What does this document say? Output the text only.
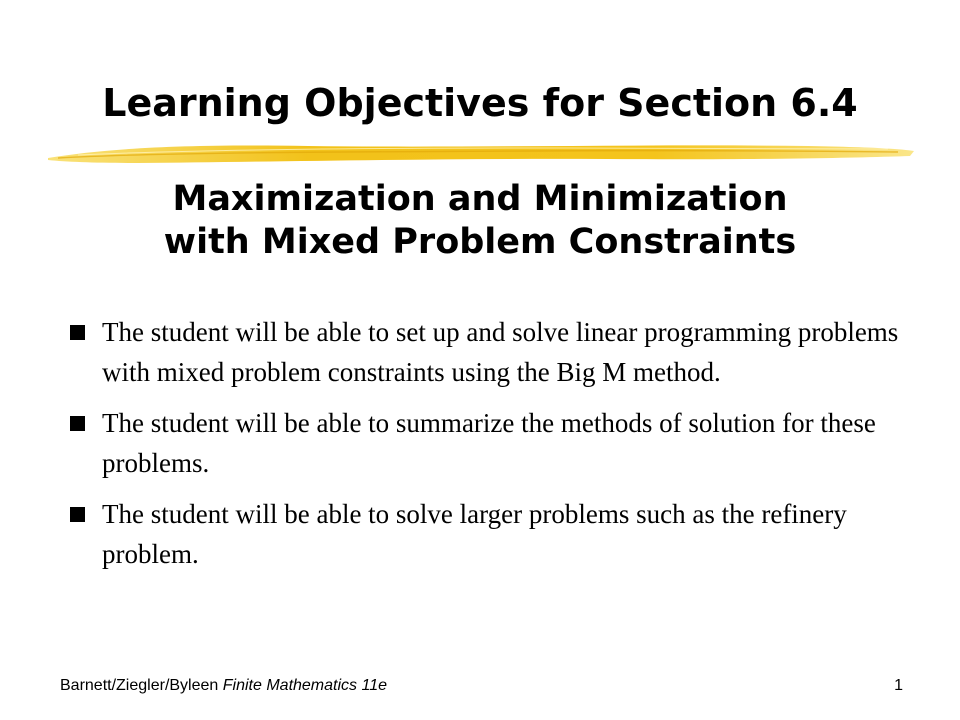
Learning Objectives for Section 6.4
Maximization and Minimization
with Mixed Problem Constraints
The student will be able to set up and solve linear programming problems with mixed problem constraints using the Big M method.
The student will be able to summarize the methods of solution for these problems.
The student will be able to solve larger problems such as the refinery problem.
Barnett/Ziegler/Byleen Finite Mathematics 11e	1
